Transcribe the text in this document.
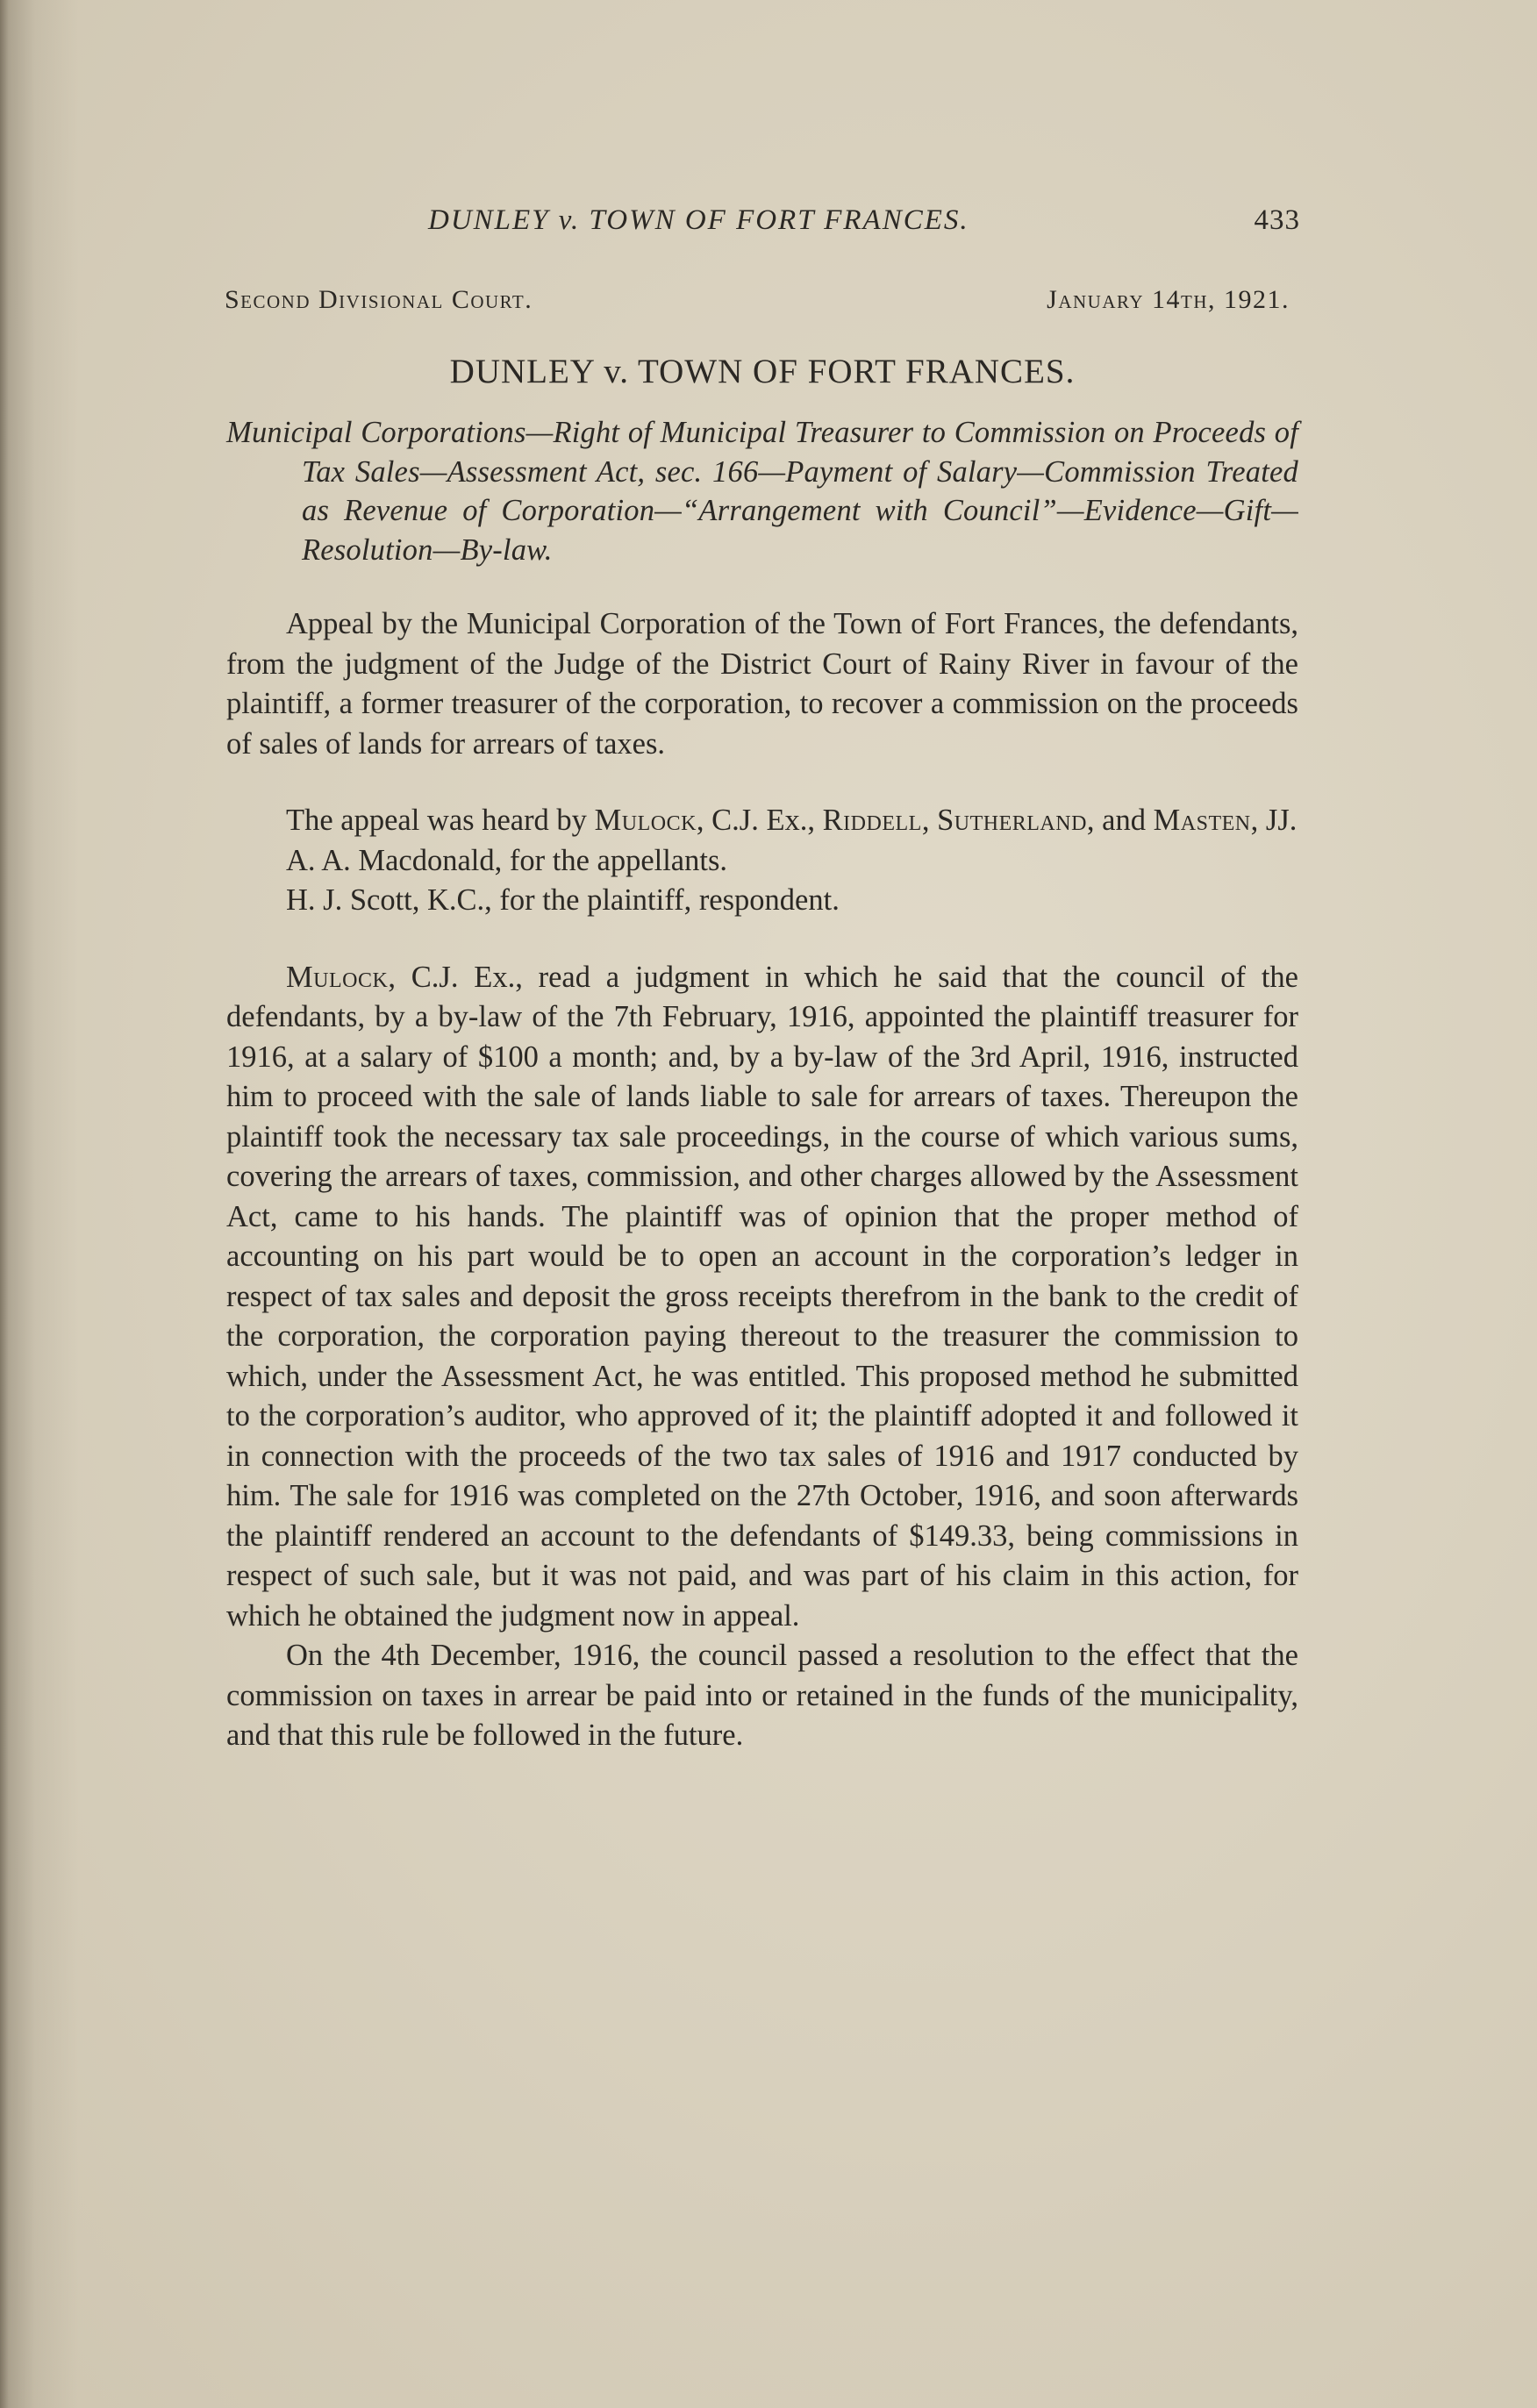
DUNLEY v. TOWN OF FORT FRANCES.	433
Second Divisional Court.	January 14th, 1921.
DUNLEY v. TOWN OF FORT FRANCES.
Municipal Corporations—Right of Municipal Treasurer to Commission on Proceeds of Tax Sales—Assessment Act, sec. 166—Payment of Salary—Commission Treated as Revenue of Corporation—“Arrangement with Council”—Evidence—Gift—Resolution—By-law.

Appeal by the Municipal Corporation of the Town of Fort Frances, the defendants, from the judgment of the Judge of the District Court of Rainy River in favour of the plaintiff, a former treasurer of the corporation, to recover a commission on the proceeds of sales of lands for arrears of taxes.

The appeal was heard by Mulock, C.J. Ex., Riddell, Sutherland, and Masten, JJ.

A. A. Macdonald, for the appellants.
H. J. Scott, K.C., for the plaintiff, respondent.

Mulock, C.J. Ex., read a judgment in which he said that the council of the defendants, by a by-law of the 7th February, 1916, appointed the plaintiff treasurer for 1916, at a salary of $100 a month; and, by a by-law of the 3rd April, 1916, instructed him to proceed with the sale of lands liable to sale for arrears of taxes. Thereupon the plaintiff took the necessary tax sale proceedings, in the course of which various sums, covering the arrears of taxes, commission, and other charges allowed by the Assessment Act, came to his hands. The plaintiff was of opinion that the proper method of accounting on his part would be to open an account in the corporation’s ledger in respect of tax sales and deposit the gross receipts therefrom in the bank to the credit of the corporation, the corporation paying thereout to the treasurer the commission to which, under the Assessment Act, he was entitled. This proposed method he submitted to the corporation’s auditor, who approved of it; the plaintiff adopted it and followed it in connection with the proceeds of the two tax sales of 1916 and 1917 conducted by him. The sale for 1916 was completed on the 27th October, 1916, and soon afterwards the plaintiff rendered an account to the defendants of $149.33, being commissions in respect of such sale, but it was not paid, and was part of his claim in this action, for which he obtained the judgment now in appeal.

On the 4th December, 1916, the council passed a resolution to the effect that the commission on taxes in arrear be paid into or retained in the funds of the municipality, and that this rule be followed in the future.
